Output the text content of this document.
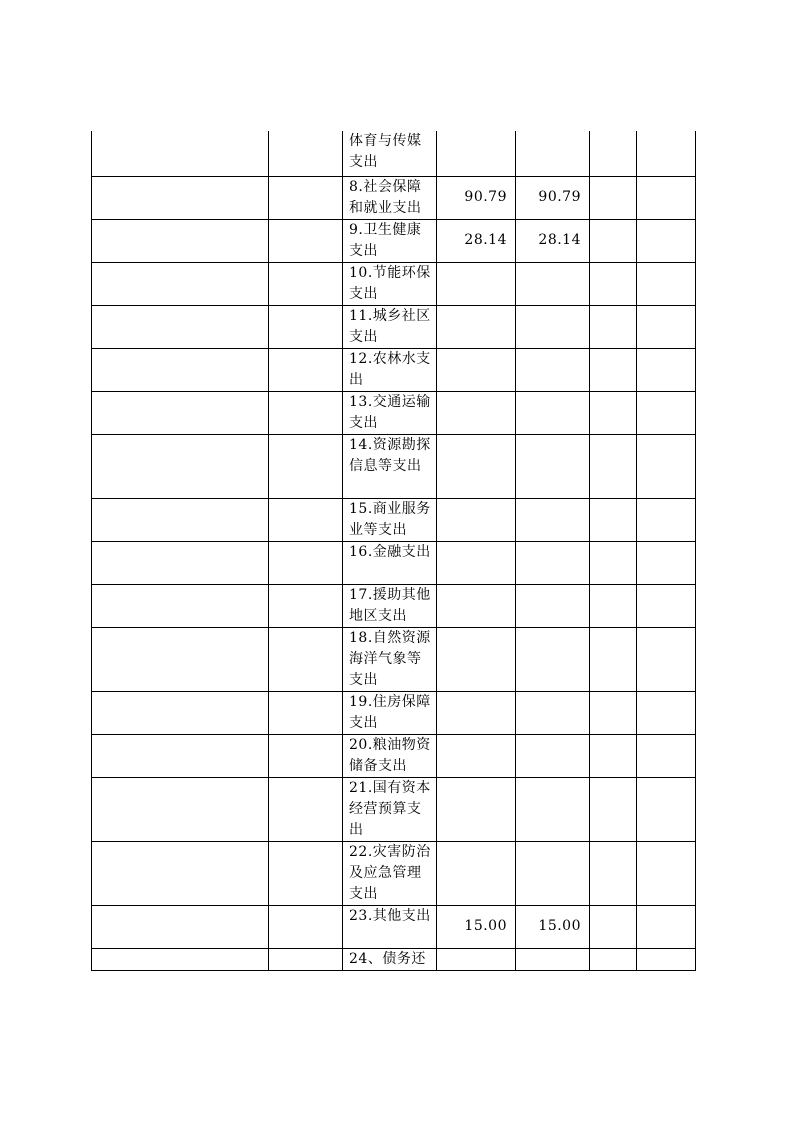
		体育与传媒支出				
		8.社会保障和就业支出	90.79	90.79		
		9.卫生健康支出	28.14	28.14		
		10.节能环保支出				
		11.城乡社区支出				
		12.农林水支出				
		13.交通运输支出				
		14.资源勘探信息等支出				
		15.商业服务业等支出				
		16.金融支出				
		17.援助其他地区支出				
		18.自然资源海洋气象等支出				
		19.住房保障支出				
		20.粮油物资储备支出				
		21.国有资本经营预算支出				
		22.灾害防治及应急管理支出				
		23.其他支出	15.00	15.00		
		24、债务还				
